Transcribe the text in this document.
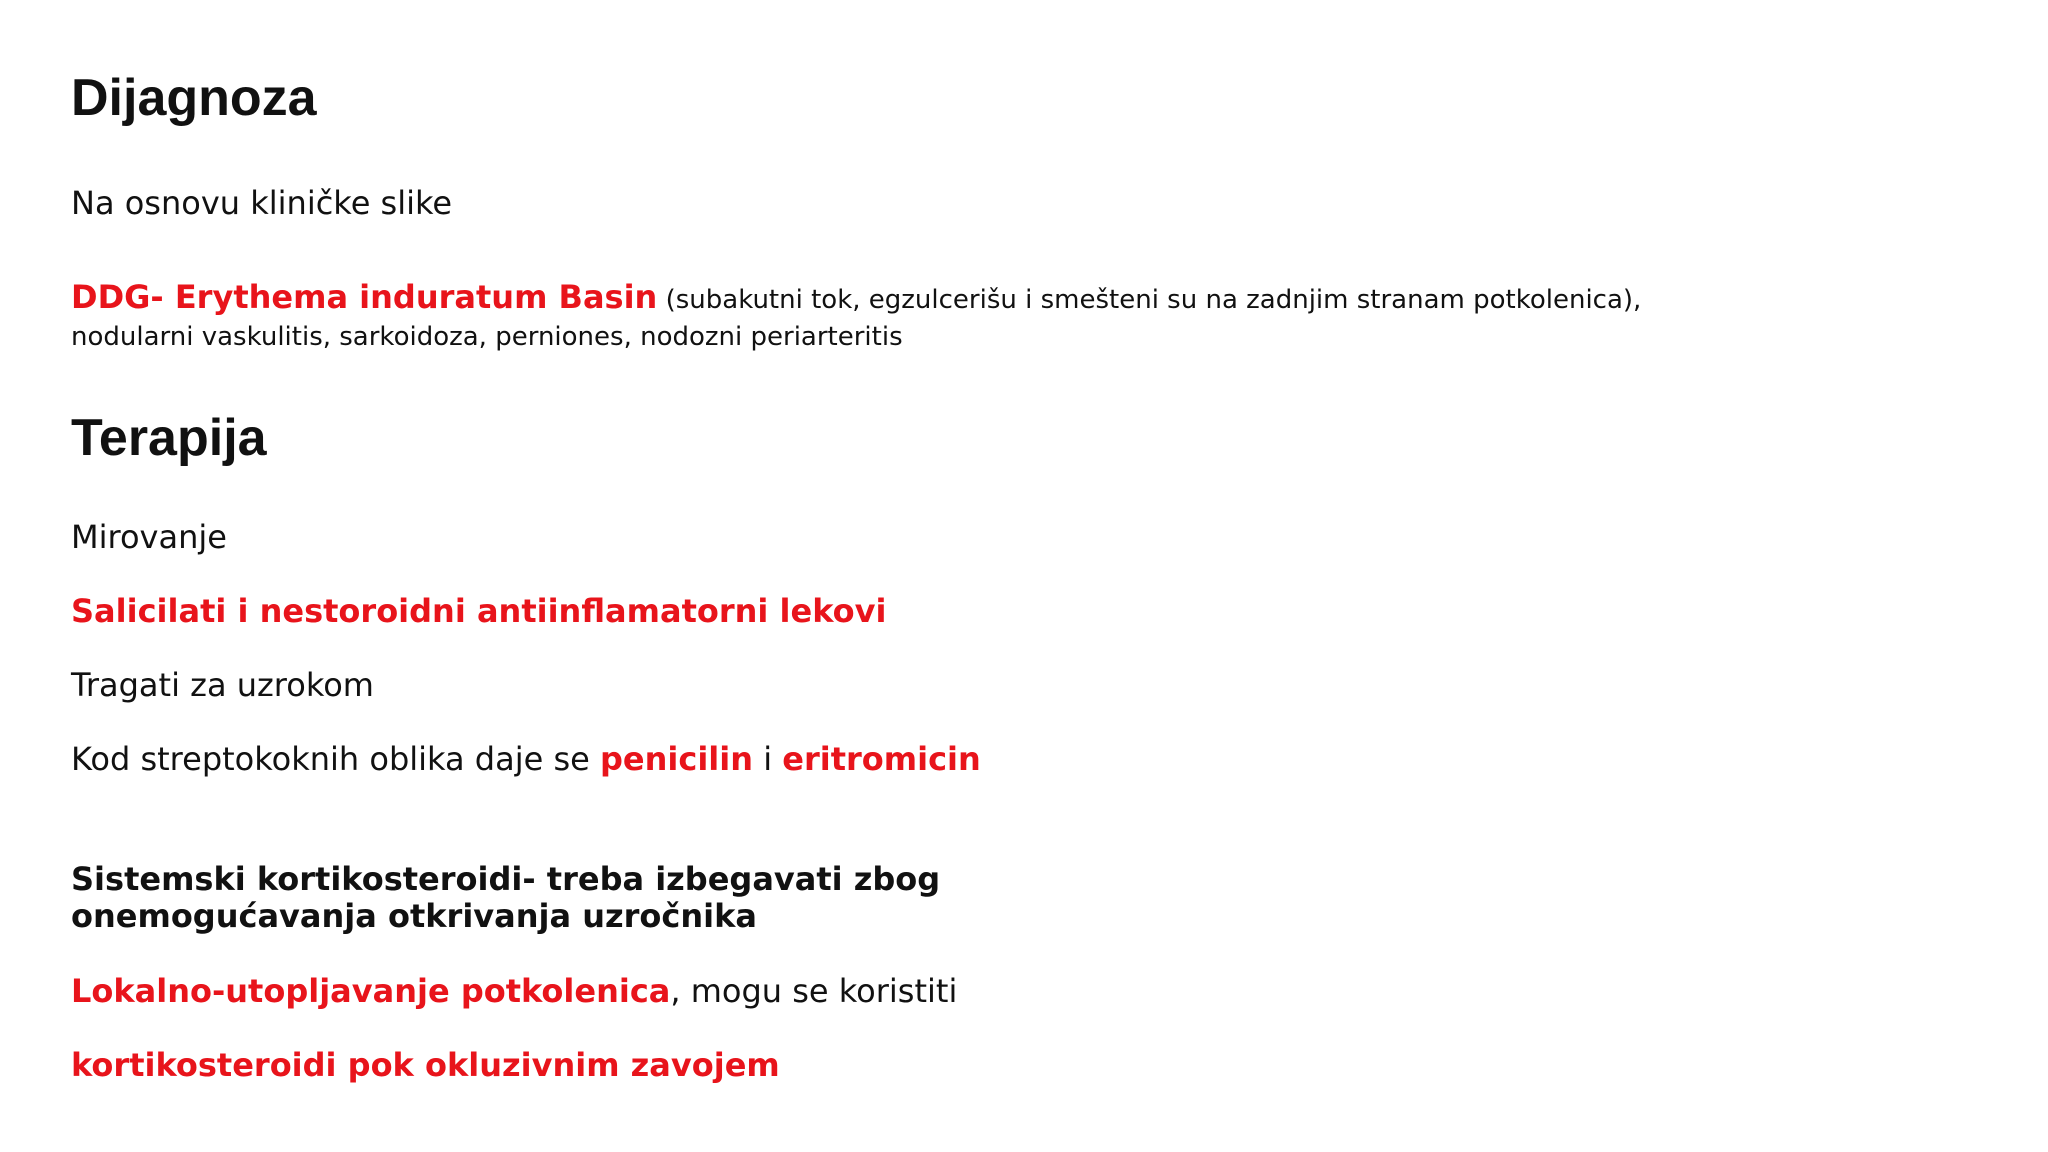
Dijagnoza
Na osnovu kliničke slike
DDG- Erythema induratum Basin (subakutni tok, egzulcerišu i smešteni su na zadnjim stranam potkolenica),
nodularni vaskulitis, sarkoidoza, perniones, nodozni periarteritis
Terapija
Mirovanje
Salicilati i nestoroidni antiinflamatorni lekovi
Tragati za uzrokom
Kod streptokoknih oblika daje se penicilin i eritromicin
Sistemski kortikosteroidi- treba izbegavati zbog
onemogućavanja otkrivanja uzročnika
Lokalno-utopljavanje potkolenica, mogu se koristiti
kortikosteroidi pok okluzivnim zavojem
